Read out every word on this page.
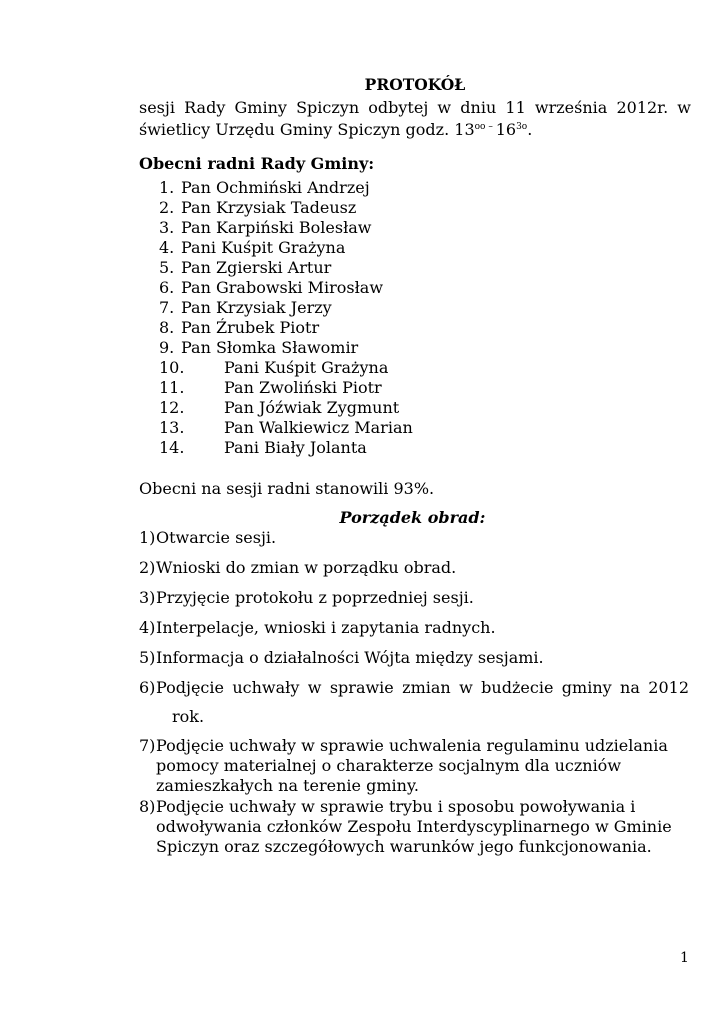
PROTOKÓŁ

sesji Rady Gminy Spiczyn odbytej w dniu 11 września 2012r. w

świetlicy Urzędu Gminy Spiczyn godz. $13^{oo}$ – $16^{3o}$.

Obecni radni Rady Gminy:

1. Pan Ochmiński Andrzej

2. Pan Krzysiak Tadeusz

3. Pan Karpiński Bolesław

4. Pani Kuśpit Grażyna

5. Pan Zgierski Artur

6. Pan Grabowski Mirosław

7. Pan Krzysiak Jerzy

8. Pan Źrubek Piotr

9. Pan Słomka Sławomir

10. Pani Kuśpit Grażyna

11. Pan Zwoliński Piotr

12. Pan Jóźwiak Zygmunt

13. Pan Walkiewicz Marian

14. Pani Biały Jolanta

Obecni na sesji radni stanowili 93%.

Porządek obrad:

1)Otwarcie sesji.

2)Wnioski do zmian w porządku obrad.

3)Przyjęcie protokołu z poprzedniej sesji.

4)Interpelacje, wnioski i zapytania radnych.

5)Informacja o działalności Wójta między sesjami.

6) Podjęcie uchwały w sprawie zmian w budżecie gminy na 2012

rok.

7)Podjęcie uchwały w sprawie uchwalenia regulaminu udzielania

pomocy materialnej o charakterze socjalnym dla uczniów

zamieszkałych na terenie gminy.

8)Podjęcie uchwały w sprawie trybu i sposobu powoływania i

odwoływania członków Zespołu Interdyscyplinarnego w Gminie

Spiczyn oraz szczegółowych warunków jego funkcjonowania.

1
